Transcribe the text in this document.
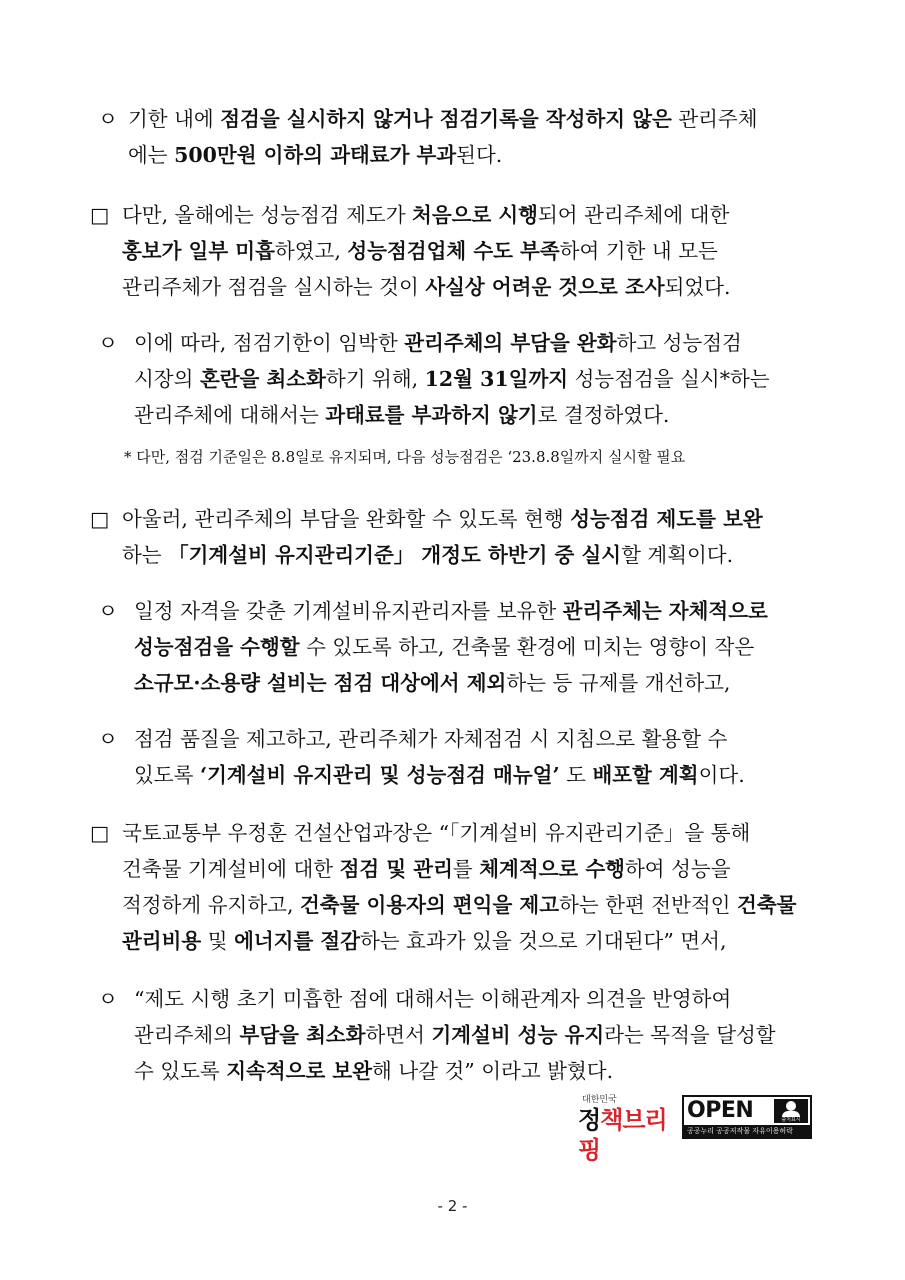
ㅇ 기한 내에 점검을 실시하지 않거나 점검기록을 작성하지 않은 관리주체
에는 500만원 이하의 과태료가 부과된다.
□ 다만, 올해에는 성능점검 제도가 처음으로 시행되어 관리주체에 대한
홍보가 일부 미흡하였고, 성능점검업체 수도 부족하여 기한 내 모든
관리주체가 점검을 실시하는 것이 사실상 어려운 것으로 조사되었다.
ㅇ 이에 따라, 점검기한이 임박한 관리주체의 부담을 완화하고 성능점검
시장의 혼란을 최소화하기 위해, 12월 31일까지 성능점검을 실시*하는
관리주체에 대해서는 과태료를 부과하지 않기로 결정하였다.
* 다만, 점검 기준일은 8.8일로 유지되며, 다음 성능점검은 ‘23.8.8일까지 실시할 필요
□ 아울러, 관리주체의 부담을 완화할 수 있도록 현행 성능점검 제도를 보완
하는 「기계설비 유지관리기준」 개정도 하반기 중 실시할 계획이다.
ㅇ 일정 자격을 갖춘 기계설비유지관리자를 보유한 관리주체는 자체적으로
성능점검을 수행할 수 있도록 하고, 건축물 환경에 미치는 영향이 작은
소규모·소용량 설비는 점검 대상에서 제외하는 등 규제를 개선하고,
ㅇ 점검 품질을 제고하고, 관리주체가 자체점검 시 지침으로 활용할 수
있도록 ‘기계설비 유지관리 및 성능점검 매뉴얼’ 도 배포할 계획이다.
□ 국토교통부 우정훈 건설산업과장은 “「기계설비 유지관리기준」을 통해
건축물 기계설비에 대한 점검 및 관리를 체계적으로 수행하여 성능을
적정하게 유지하고, 건축물 이용자의 편익을 제고하는 한편 전반적인 건축물
관리비용 및 에너지를 절감하는 효과가 있을 것으로 기대된다” 면서,
ㅇ “제도 시행 초기 미흡한 점에 대해서는 이해관계자 의견을 반영하여
관리주체의 부담을 최소화하면서 기계설비 성능 유지라는 목적을 달성할
수 있도록 지속적으로 보완해 나갈 것” 이라고 밝혔다.
대한민국
정책브리핑
OPEN	출처표시
공공누리 공공저작물 자유이용허락
- 2 -
